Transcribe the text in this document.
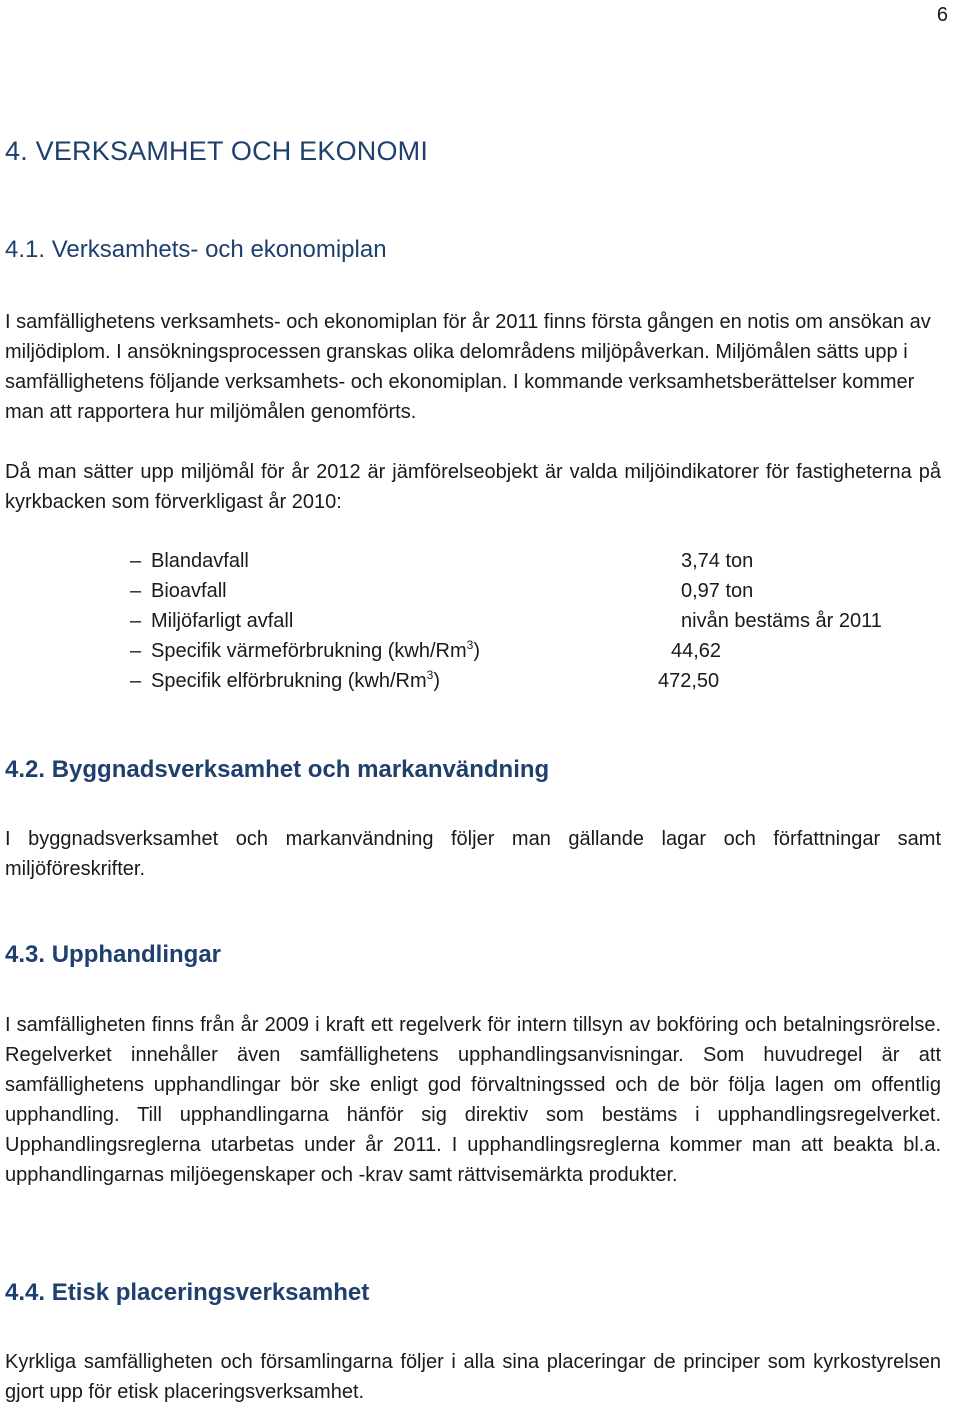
6
4. VERKSAMHET OCH EKONOMI
4.1. Verksamhets- och ekonomiplan
I samfällighetens verksamhets- och ekonomiplan för år 2011 finns första gången en notis om ansökan av miljödiplom. I ansökningsprocessen granskas olika delområdens miljöpåverkan. Miljömålen sätts upp i samfällighetens följande verksamhets- och ekonomiplan. I kommande verksamhetsberättelser kommer man att rapportera hur miljömålen genomförts.
Då man sätter upp miljömål för år 2012 är jämförelseobjekt är valda miljöindikatorer för fastigheterna på kyrkbacken som förverkligast år 2010:
– Blandavfall	3,74 ton
– Bioavfall	0,97 ton
– Miljöfarligt avfall	nivån bestäms år 2011
– Specifik värmeförbrukning (kwh/Rm$^3$)	44,62
– Specifik elförbrukning (kwh/Rm$^3$)	472,50
4.2. Byggnadsverksamhet och markanvändning
I byggnadsverksamhet och markanvändning följer man gällande lagar och författningar samt miljöföreskrifter.
4.3. Upphandlingar
I samfälligheten finns från år 2009 i kraft ett regelverk för intern tillsyn av bokföring och betalningsrörelse. Regelverket innehåller även samfällighetens upphandlingsanvisningar. Som huvudregel är att samfällighetens upphandlingar bör ske enligt god förvaltningssed och de bör följa lagen om offentlig upphandling. Till upphandlingarna hänför sig direktiv som bestäms i upphandlingsregelverket. Upphandlingsreglerna utarbetas under år 2011. I upphandlingsreglerna kommer man att beakta bl.a. upphandlingarnas miljöegenskaper och -krav samt rättvisemärkta produkter.
4.4. Etisk placeringsverksamhet
Kyrkliga samfälligheten och församlingarna följer i alla sina placeringar de principer som kyrkostyrelsen gjort upp för etisk placeringsverksamhet.
